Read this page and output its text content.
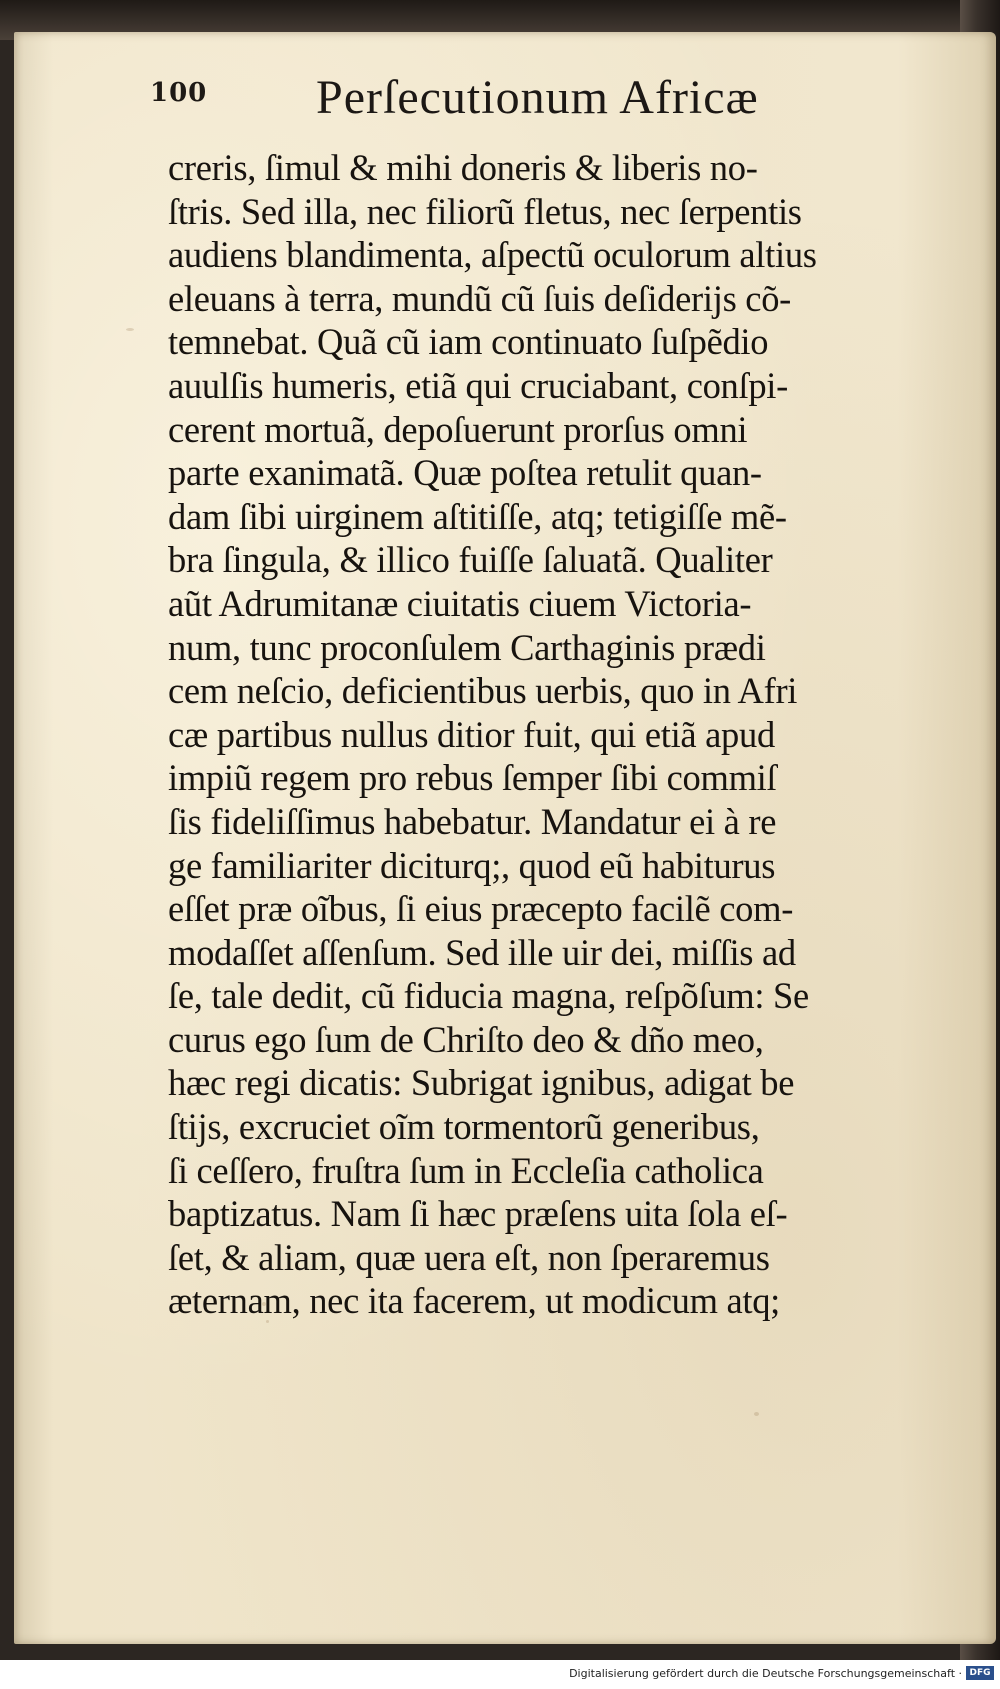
100 Perſecutionum Africæ
creris, ſimul & mihi doneris & liberis no-
ſtris. Sed illa, nec filiorũ fletus, nec ſerpentis
audiens blandimenta, aſpectũ oculorum altius
eleuans à terra, mundũ cũ ſuis deſiderijs cõ-
temnebat. Quã cũ iam continuato ſuſpẽdio
auulſis humeris, etiã qui cruciabant, conſpi-
cerent mortuã, depoſuerunt prorſus omni
parte exanimatã. Quæ poſtea retulit quan-
dam ſibi uirginem aſtitiſſe, atq; tetigiſſe mẽ-
bra ſingula, & illico fuiſſe ſaluatã. Qualiter
aũt Adrumitanæ ciuitatis ciuem Victoria-
num, tunc proconſulem Carthaginis prædi
cem neſcio, deficientibus uerbis, quo in Afri
cæ partibus nullus ditior fuit, qui etiã apud
impiũ regem pro rebus ſemper ſibi commiſ
ſis fideliſſimus habebatur. Mandatur ei à re
ge familiariter diciturq;, quod eũ habiturus
eſſet præ oĩbus, ſi eius præcepto facilẽ com-
modaſſet aſſenſum. Sed ille uir dei, miſſis ad
ſe, tale dedit, cũ fiducia magna, reſpõſum: Se
curus ego ſum de Chriſto deo & dño meo,
hæc regi dicatis: Subrigat ignibus, adigat be
ſtijs, excruciet oĩm tormentorũ generibus,
ſi ceſſero, fruſtra ſum in Eccleſia catholica
baptizatus. Nam ſi hæc præſens uita ſola eſ-
ſet, & aliam, quæ uera eſt, non ſperaremus
æternam, nec ita facerem, ut modicum atq;
Digitalisierung gefördert durch die Deutsche Forschungsgemeinschaft · DFG
